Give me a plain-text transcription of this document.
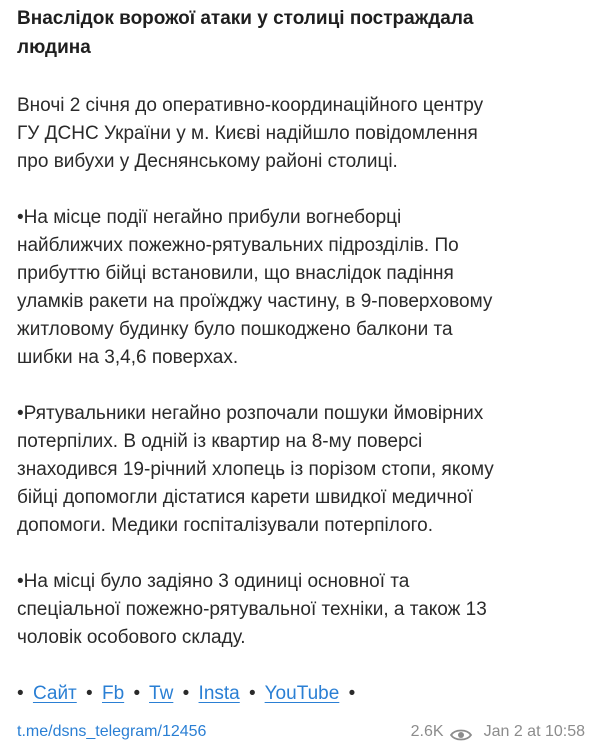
Внаслідок ворожої атаки у столиці постраждала
людина
Вночі 2 січня до оперативно-координаційного центру
ГУ ДСНС України у м. Києві надійшло повідомлення
про вибухи у Деснянському районі столиці.
•На місце події негайно прибули вогнеборці
найближчих пожежно-рятувальних підрозділів. По
прибуттю бійці встановили, що внаслідок падіння
уламків ракети на проїжджу частину, в 9-поверховому
житловому будинку було пошкоджено балкони та
шибки на 3,4,6 поверхах.
•Рятувальники негайно розпочали пошуки ймовірних
потерпілих. В одній із квартир на 8-му поверсі
знаходився 19-річний хлопець із порізом стопи, якому
бійці допомогли дістатися карети швидкої медичної
допомоги. Медики госпіталізували потерпілого.
•На місці було задіяно 3 одиниці основної та
спеціальної пожежно-рятувальної техніки, а також 13
чоловік особового складу.
• Сайт • Fb • Tw • Insta • YouTube •
t.me/dsns_telegram/12456	2.6K	Jan 2 at 10:58
